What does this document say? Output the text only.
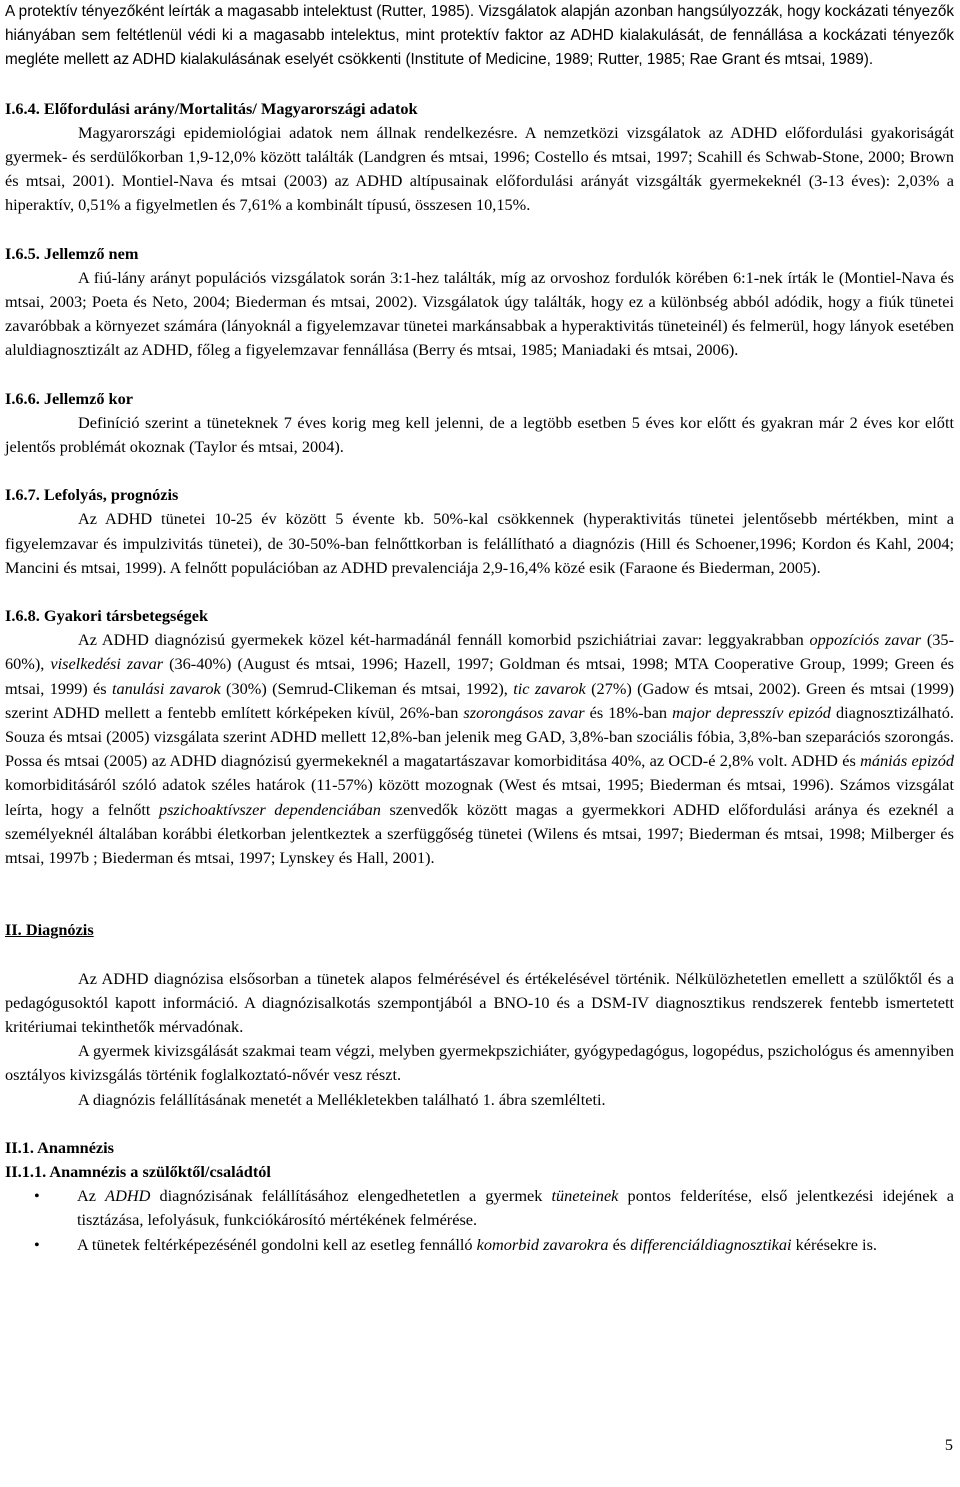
A protektív tényezőként leírták a magasabb intelektust (Rutter, 1985). Vizsgálatok alapján azonban hangsúlyozzák, hogy kockázati tényezők hiányában sem feltétlenül védi ki a magasabb intelektus, mint protektív faktor az ADHD kialakulását, de fennállása a kockázati tényezők megléte mellett az ADHD kialakulásának eselyét csökkenti (Institute of Medicine, 1989; Rutter, 1985; Rae Grant és mtsai, 1989).

I.6.4. Előfordulási arány/Mortalitás/ Magyarországi adatok

Magyarországi epidemiológiai adatok nem állnak rendelkezésre. A nemzetközi vizsgálatok az ADHD előfordulási gyakoriságát gyermek- és serdülőkorban 1,9-12,0% között találták (Landgren és mtsai, 1996; Costello és mtsai, 1997; Scahill és Schwab-Stone, 2000; Brown és mtsai, 2001). Montiel-Nava és mtsai (2003) az ADHD altípusainak előfordulási arányát vizsgálták gyermekeknél (3-13 éves): 2,03% a hiperaktív, 0,51% a figyelmetlen és 7,61% a kombinált típusú, összesen 10,15%.

I.6.5. Jellemző nem

A fiú-lány arányt populációs vizsgálatok során 3:1-hez találták, míg az orvoshoz fordulók körében 6:1-nek írták le (Montiel-Nava és mtsai, 2003; Poeta és Neto, 2004; Biederman és mtsai, 2002). Vizsgálatok úgy találták, hogy ez a különbség abból adódik, hogy a fiúk tünetei zavaróbbak a környezet számára (lányoknál a figyelemzavar tünetei markánsabbak a hyperaktivitás tüneteinél) és felmerül, hogy lányok esetében aluldiagnosztizált az ADHD, főleg a figyelemzavar fennállása (Berry és mtsai, 1985; Maniadaki és mtsai, 2006).

I.6.6. Jellemző kor

Definíció szerint a tüneteknek 7 éves korig meg kell jelenni, de a legtöbb esetben 5 éves kor előtt és gyakran már 2 éves kor előtt jelentős problémát okoznak (Taylor és mtsai, 2004).

I.6.7. Lefolyás, prognózis

Az ADHD tünetei 10-25 év között 5 évente kb. 50%-kal csökkennek (hyperaktivitás tünetei jelentősebb mértékben, mint a figyelemzavar és impulzivitás tünetei), de 30-50%-ban felnőttkorban is felállítható a diagnózis (Hill és Schoener,1996; Kordon és Kahl, 2004; Mancini és mtsai, 1999). A felnőtt populációban az ADHD prevalenciája 2,9-16,4% közé esik (Faraone és Biederman, 2005).

I.6.8. Gyakori társbetegségek

Az ADHD diagnózisú gyermekek közel két-harmadánál fennáll komorbid pszichiátriai zavar: leggyakrabban oppozíciós zavar (35-60%), viselkedési zavar (36-40%) (August és mtsai, 1996; Hazell, 1997; Goldman és mtsai, 1998; MTA Cooperative Group, 1999; Green és mtsai, 1999) és tanulási zavarok (30%) (Semrud-Clikeman és mtsai, 1992), tic zavarok (27%) (Gadow és mtsai, 2002). Green és mtsai (1999) szerint ADHD mellett a fentebb említett kórképeken kívül, 26%-ban szorongásos zavar és 18%-ban major depresszív epizód diagnosztizálható. Souza és mtsai (2005) vizsgálata szerint ADHD mellett 12,8%-ban jelenik meg GAD, 3,8%-ban szociális fóbia, 3,8%-ban szeparációs szorongás. Possa és mtsai (2005) az ADHD diagnózisú gyermekeknél a magatartászavar komorbiditása 40%, az OCD-é 2,8% volt. ADHD és mániás epizód komorbiditásáról szóló adatok széles határok (11-57%) között mozognak (West és mtsai, 1995; Biederman és mtsai, 1996). Számos vizsgálat leírta, hogy a felnőtt pszichoaktívszer dependenciában szenvedők között magas a gyermekkori ADHD előfordulási aránya és ezeknél a személyeknél általában korábbi életkorban jelentkeztek a szerfüggőség tünetei (Wilens és mtsai, 1997; Biederman és mtsai, 1998; Milberger és mtsai, 1997b ; Biederman és mtsai, 1997; Lynskey és Hall, 2001).

II. Diagnózis

Az ADHD diagnózisa elsősorban a tünetek alapos felmérésével és értékelésével történik. Nélkülözhetetlen emellett a szülőktől és a pedagógusoktól kapott információ. A diagnózisalkotás szempontjából a BNO-10 és a DSM-IV diagnosztikus rendszerek fentebb ismertetett kritériumai tekinthetők mérvadónak.

A gyermek kivizsgálását szakmai team végzi, melyben gyermekpszichiáter, gyógypedagógus, logopédus, pszichológus és amennyiben osztályos kivizsgálás történik foglalkoztató-nővér vesz részt.

A diagnózis felállításának menetét a Mellékletekben található 1. ábra szemlélteti.

II.1. Anamnézis

II.1.1. Anamnézis a szülőktől/családtól

• Az ADHD diagnózisának felállításához elengedhetetlen a gyermek tüneteinek pontos felderítése, első jelentkezési idejének a tisztázása, lefolyásuk, funkciókárosító mértékének felmérése.
• A tünetek feltérképezésénél gondolni kell az esetleg fennálló komorbid zavarokra és differenciáldiagnosztikai kérésekre is.
5
